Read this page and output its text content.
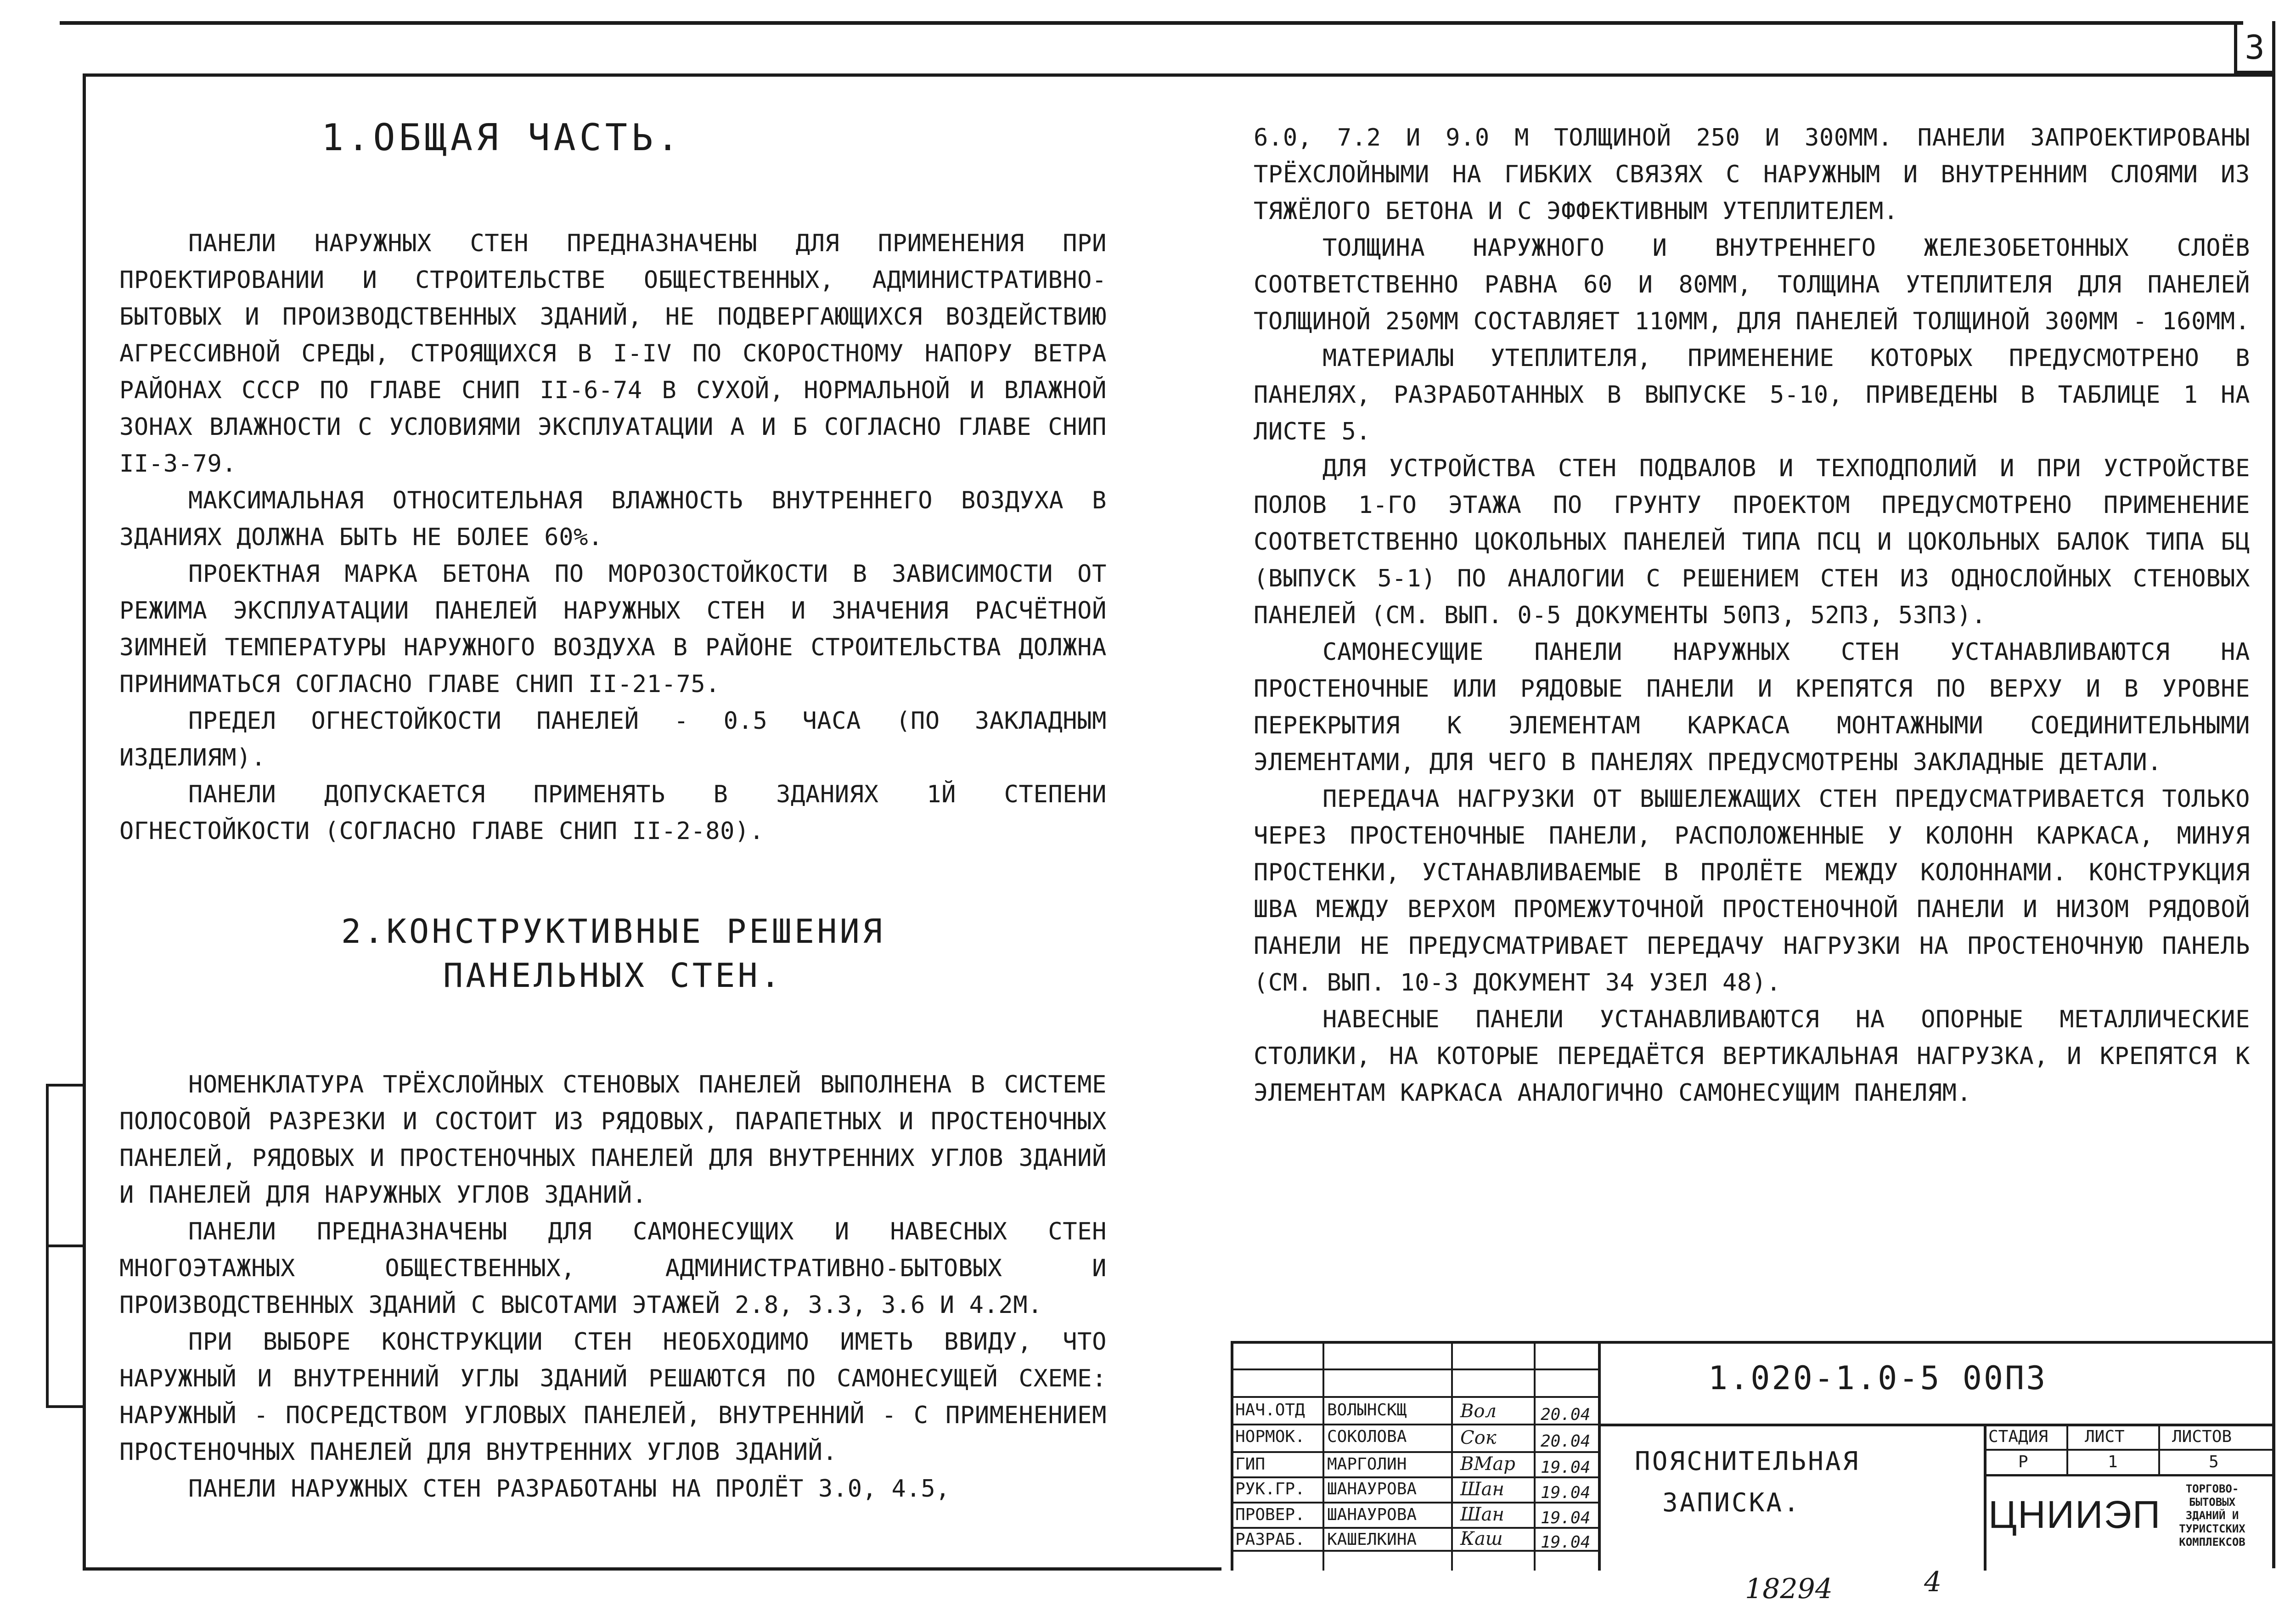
3
1.ОБЩАЯ ЧАСТЬ.

ПАНЕЛИ НАРУЖНЫХ СТЕН ПРЕДНАЗНАЧЕНЫ ДЛЯ ПРИМЕНЕНИЯ ПРИ ПРОЕКТИРОВАНИИ И СТРОИТЕЛЬСТВЕ ОБЩЕСТВЕННЫХ, АДМИНИСТРАТИВНО-БЫТОВЫХ И ПРОИЗВОДСТВЕННЫХ ЗДАНИЙ, НЕ ПОДВЕРГАЮЩИХСЯ ВОЗДЕЙСТВИЮ АГРЕССИВНОЙ СРЕДЫ, СТРОЯЩИХСЯ В I-IV ПО СКОРОСТНОМУ НАПОРУ ВЕТРА РАЙОНАХ СССР ПО ГЛАВЕ СНИП II-6-74 В СУХОЙ, НОРМАЛЬНОЙ И ВЛАЖНОЙ ЗОНАХ ВЛАЖНОСТИ С УСЛОВИЯМИ ЭКСПЛУАТАЦИИ А И Б СОГЛАСНО ГЛАВЕ СНИП II-3-79.

МАКСИМАЛЬНАЯ ОТНОСИТЕЛЬНАЯ ВЛАЖНОСТЬ ВНУТРЕННЕГО ВОЗДУХА В ЗДАНИЯХ ДОЛЖНА БЫТЬ НЕ БОЛЕЕ 60%.

ПРОЕКТНАЯ МАРКА БЕТОНА ПО МОРОЗОСТОЙКОСТИ В ЗАВИСИМОСТИ ОТ РЕЖИМА ЭКСПЛУАТАЦИИ ПАНЕЛЕЙ НАРУЖНЫХ СТЕН И ЗНАЧЕНИЯ РАСЧЁТНОЙ ЗИМНЕЙ ТЕМПЕРАТУРЫ НАРУЖНОГО ВОЗДУХА В РАЙОНЕ СТРОИТЕЛЬСТВА ДОЛЖНА ПРИНИМАТЬСЯ СОГЛАСНО ГЛАВЕ СНИП II-21-75.

ПРЕДЕЛ ОГНЕСТОЙКОСТИ ПАНЕЛЕЙ - 0.5 ЧАСА (ПО ЗАКЛАДНЫМ ИЗДЕЛИЯМ).

ПАНЕЛИ ДОПУСКАЕТСЯ ПРИМЕНЯТЬ В ЗДАНИЯХ 1Й СТЕПЕНИ ОГНЕСТОЙКОСТИ (СОГЛАСНО ГЛАВЕ СНИП II-2-80).

2.КОНСТРУКТИВНЫЕ РЕШЕНИЯ
ПАНЕЛЬНЫХ СТЕН.

НОМЕНКЛАТУРА ТРЁХСЛОЙНЫХ СТЕНОВЫХ ПАНЕЛЕЙ ВЫПОЛНЕНА В СИСТЕМЕ ПОЛОСОВОЙ РАЗРЕЗКИ И СОСТОИТ ИЗ РЯДОВЫХ, ПАРАПЕТНЫХ И ПРОСТЕНОЧНЫХ ПАНЕЛЕЙ, РЯДОВЫХ И ПРОСТЕНОЧНЫХ ПАНЕЛЕЙ ДЛЯ ВНУТРЕННИХ УГЛОВ ЗДАНИЙ И ПАНЕЛЕЙ ДЛЯ НАРУЖНЫХ УГЛОВ ЗДАНИЙ.

ПАНЕЛИ ПРЕДНАЗНАЧЕНЫ ДЛЯ САМОНЕСУЩИХ И НАВЕСНЫХ СТЕН МНОГОЭТАЖНЫХ ОБЩЕСТВЕННЫХ, АДМИНИСТРАТИВНО-БЫТОВЫХ И ПРОИЗВОДСТВЕННЫХ ЗДАНИЙ С ВЫСОТАМИ ЭТАЖЕЙ 2.8, 3.3, 3.6 И 4.2М.

ПРИ ВЫБОРЕ КОНСТРУКЦИИ СТЕН НЕОБХОДИМО ИМЕТЬ ВВИДУ, ЧТО НАРУЖНЫЙ И ВНУТРЕННИЙ УГЛЫ ЗДАНИЙ РЕШАЮТСЯ ПО САМОНЕСУЩЕЙ СХЕМЕ: НАРУЖНЫЙ - ПОСРЕДСТВОМ УГЛОВЫХ ПАНЕЛЕЙ, ВНУТРЕННИЙ - С ПРИМЕНЕНИЕМ ПРОСТЕНОЧНЫХ ПАНЕЛЕЙ ДЛЯ ВНУТРЕННИХ УГЛОВ ЗДАНИЙ.

ПАНЕЛИ НАРУЖНЫХ СТЕН РАЗРАБОТАНЫ НА ПРОЛЁТ 3.0, 4.5,

6.0, 7.2 И 9.0 М ТОЛЩИНОЙ 250 И 300ММ. ПАНЕЛИ ЗАПРОЕКТИРОВАНЫ ТРЁХСЛОЙНЫМИ НА ГИБКИХ СВЯЗЯХ С НАРУЖНЫМ И ВНУТРЕННИМ СЛОЯМИ ИЗ ТЯЖЁЛОГО БЕТОНА И С ЭФФЕКТИВНЫМ УТЕПЛИТЕЛЕМ.

ТОЛЩИНА НАРУЖНОГО И ВНУТРЕННЕГО ЖЕЛЕЗОБЕТОННЫХ СЛОЁВ СООТВЕТСТВЕННО РАВНА 60 И 80ММ, ТОЛЩИНА УТЕПЛИТЕЛЯ ДЛЯ ПАНЕЛЕЙ ТОЛЩИНОЙ 250ММ СОСТАВЛЯЕТ 110ММ, ДЛЯ ПАНЕЛЕЙ ТОЛЩИНОЙ 300ММ - 160ММ.

МАТЕРИАЛЫ УТЕПЛИТЕЛЯ, ПРИМЕНЕНИЕ КОТОРЫХ ПРЕДУСМОТРЕНО В ПАНЕЛЯХ, РАЗРАБОТАННЫХ В ВЫПУСКЕ 5-10, ПРИВЕДЕНЫ В ТАБЛИЦЕ 1 НА ЛИСТЕ 5.

ДЛЯ УСТРОЙСТВА СТЕН ПОДВАЛОВ И ТЕХПОДПОЛИЙ И ПРИ УСТРОЙСТВЕ ПОЛОВ 1-ГО ЭТАЖА ПО ГРУНТУ ПРОЕКТОМ ПРЕДУСМОТРЕНО ПРИМЕНЕНИЕ СООТВЕТСТВЕННО ЦОКОЛЬНЫХ ПАНЕЛЕЙ ТИПА ПСЦ И ЦОКОЛЬНЫХ БАЛОК ТИПА БЦ (ВЫПУСК 5-1) ПО АНАЛОГИИ С РЕШЕНИЕМ СТЕН ИЗ ОДНОСЛОЙНЫХ СТЕНОВЫХ ПАНЕЛЕЙ (СМ. ВЫП. 0-5 ДОКУМЕНТЫ 50ПЗ, 52ПЗ, 53ПЗ).

САМОНЕСУЩИЕ ПАНЕЛИ НАРУЖНЫХ СТЕН УСТАНАВЛИВАЮТСЯ НА ПРОСТЕНОЧНЫЕ ИЛИ РЯДОВЫЕ ПАНЕЛИ И КРЕПЯТСЯ ПО ВЕРХУ И В УРОВНЕ ПЕРЕКРЫТИЯ К ЭЛЕМЕНТАМ КАРКАСА МОНТАЖНЫМИ СОЕДИНИТЕЛЬНЫМИ ЭЛЕМЕНТАМИ, ДЛЯ ЧЕГО В ПАНЕЛЯХ ПРЕДУСМОТРЕНЫ ЗАКЛАДНЫЕ ДЕТАЛИ.

ПЕРЕДАЧА НАГРУЗКИ ОТ ВЫШЕЛЕЖАЩИХ СТЕН ПРЕДУСМАТРИВАЕТСЯ ТОЛЬКО ЧЕРЕЗ ПРОСТЕНОЧНЫЕ ПАНЕЛИ, РАСПОЛОЖЕННЫЕ У КОЛОНН КАРКАСА, МИНУЯ ПРОСТЕНКИ, УСТАНАВЛИВАЕМЫЕ В ПРОЛЁТЕ МЕЖДУ КОЛОННАМИ. КОНСТРУКЦИЯ ШВА МЕЖДУ ВЕРХОМ ПРОМЕЖУТОЧНОЙ ПРОСТЕНОЧНОЙ ПАНЕЛИ И НИЗОМ РЯДОВОЙ ПАНЕЛИ НЕ ПРЕДУСМАТРИВАЕТ ПЕРЕДАЧУ НАГРУЗКИ НА ПРОСТЕНОЧНУЮ ПАНЕЛЬ (СМ. ВЫП. 10-3 ДОКУМЕНТ 34 УЗЕЛ 48).

НАВЕСНЫЕ ПАНЕЛИ УСТАНАВЛИВАЮТСЯ НА ОПОРНЫЕ МЕТАЛЛИЧЕСКИЕ СТОЛИКИ, НА КОТОРЫЕ ПЕРЕДАЁТСЯ ВЕРТИКАЛЬНАЯ НАГРУЗКА, И КРЕПЯТСЯ К ЭЛЕМЕНТАМ КАРКАСА АНАЛОГИЧНО САМОНЕСУЩИМ ПАНЕЛЯМ.

НАЧ.ОТД ВОЛЫНСКЩ	Вол	20.04
НОРМОК. СОКОЛОВА	Сок	20.04
ГИП	МАРГОЛИН	ВМар 19.04
РУК.ГР. ШАНАУРОВА Шан 19.04
ПРОВЕР. ШАНАУРОВА Шан 19.04
РАЗРАБ. КАШЕЛКИНА Каш 19.04
1.020-1.0-5 00ПЗ
ПОЯСНИТЕЛЬНАЯ
ЗАПИСКА.
СТАДИЯ ЛИСТ	ЛИСТОВ
Р	1	5
ЦНИИЭП
ТОРГОВО-
БЫТОВЫХ
ЗДАНИЙ И
ТУРИСТСКИХ
КОМПЛЕКСОВ
18294	4
